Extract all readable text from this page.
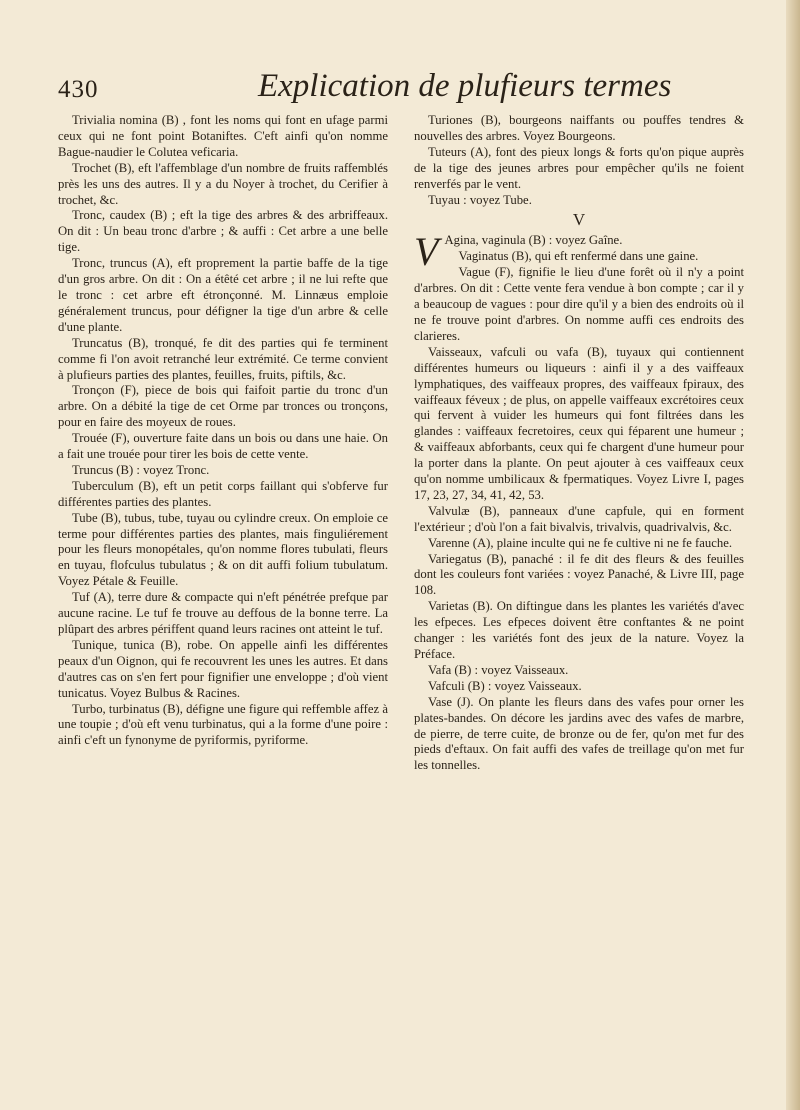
430	Explication de plufieurs termes

Trivialia nomina (B) , font les noms qui font en ufage parmi ceux qui ne font point Botaniftes. C'eft ainfi qu'on nomme Bague-naudier le Colutea veficaria.

Trochet (B), eft l'affemblage d'un nombre de fruits raffemblés près les uns des autres. Il y a du Noyer à trochet, du Cerifier à trochet, &c.

Tronc, caudex (B) ; eft la tige des arbres & des arbriffeaux. On dit : Un beau tronc d'arbre ; & auffi : Cet arbre a une belle tige.

Tronc, truncus (A), eft proprement la partie baffe de la tige d'un gros arbre. On dit : On a étêté cet arbre ; il ne lui refte que le tronc : cet arbre eft étronçonné. M. Linnæus emploie généralement truncus, pour défigner la tige d'un arbre & celle d'une plante.

Truncatus (B), tronqué, fe dit des parties qui fe terminent comme fi l'on avoit retranché leur extrémité. Ce terme convient à plufieurs parties des plantes, feuilles, fruits, piftils, &c.

Tronçon (F), piece de bois qui faifoit partie du tronc d'un arbre. On a débité la tige de cet Orme par tronces ou tronçons, pour en faire des moyeux de roues.

Trouée (F), ouverture faite dans un bois ou dans une haie. On a fait une trouée pour tirer les bois de cette vente.

Truncus (B) : voyez Tronc.

Tuberculum (B), eft un petit corps faillant qui s'obferve fur différentes parties des plantes.

Tube (B), tubus, tube, tuyau ou cylindre creux. On emploie ce terme pour différentes parties des plantes, mais finguliérement pour les fleurs monopétales, qu'on nomme flores tubulati, fleurs en tuyau, flofculus tubulatus ; & on dit auffi folium tubulatum. Voyez Pétale & Feuille.

Tuf (A), terre dure & compacte qui n'eft pénétrée prefque par aucune racine. Le tuf fe trouve au deffous de la bonne terre. La plûpart des arbres périffent quand leurs racines ont atteint le tuf.

Tunique, tunica (B), robe. On appelle ainfi les différentes peaux d'un Oignon, qui fe recouvrent les unes les autres. Et dans d'autres cas on s'en fert pour fignifier une enveloppe ; d'où vient tunicatus. Voyez Bulbus & Racines.

Turbo, turbinatus (B), défigne une figure qui reffemble affez à une toupie ; d'où eft venu turbinatus, qui a la forme d'une poire : ainfi c'eft un fynonyme de pyriformis, pyriforme.

Turiones (B), bourgeons naiffants ou pouffes tendres & nouvelles des arbres. Voyez Bourgeons.

Tuteurs (A), font des pieux longs & forts qu'on pique auprès de la tige des jeunes arbres pour empêcher qu'ils ne foient renverfés par le vent.

Tuyau : voyez Tube.

V

V Agina, vaginula (B) : voyez Gaîne.

Vaginatus (B), qui eft renfermé dans une gaine.

Vague (F), fignifie le lieu d'une forêt où il n'y a point d'arbres. On dit : Cette vente fera vendue à bon compte ; car il y a beaucoup de vagues : pour dire qu'il y a bien des endroits où il ne fe trouve point d'arbres. On nomme auffi ces endroits des clarieres.

Vaisseaux, vafculi ou vafa (B), tuyaux qui contiennent différentes humeurs ou liqueurs : ainfi il y a des vaiffeaux lymphatiques, des vaiffeaux propres, des vaiffeaux fpiraux, des vaiffeaux féveux ; de plus, on appelle vaiffeaux excrétoires ceux qui fervent à vuider les humeurs qui font filtrées dans les glandes : vaiffeaux fecretoires, ceux qui féparent une humeur ; & vaiffeaux abforbants, ceux qui fe chargent d'une humeur pour la porter dans la plante. On peut ajouter à ces vaiffeaux ceux qu'on nomme umbilicaux & fpermatiques. Voyez Livre I, pages 17, 23, 27, 34, 41, 42, 53.

Valvulæ (B), panneaux d'une capfule, qui en forment l'extérieur ; d'où l'on a fait bivalvis, trivalvis, quadrivalvis, &c.

Varenne (A), plaine inculte qui ne fe cultive ni ne fe fauche.

Variegatus (B), panaché : il fe dit des fleurs & des feuilles dont les couleurs font variées : voyez Panaché, & Livre III, page 108.

Varietas (B). On diftingue dans les plantes les variétés d'avec les efpeces. Les efpeces doivent être conftantes & ne point changer : les variétés font des jeux de la nature. Voyez la Préface.

Vafa (B) : voyez Vaisseaux.

Vafculi (B) : voyez Vaisseaux.

Vase (J). On plante les fleurs dans des vafes pour orner les plates-bandes. On décore les jardins avec des vafes de marbre, de pierre, de terre cuite, de bronze ou de fer, qu'on met fur des pieds d'eftaux. On fait auffi des vafes de treillage qu'on met fur les tonnelles.
